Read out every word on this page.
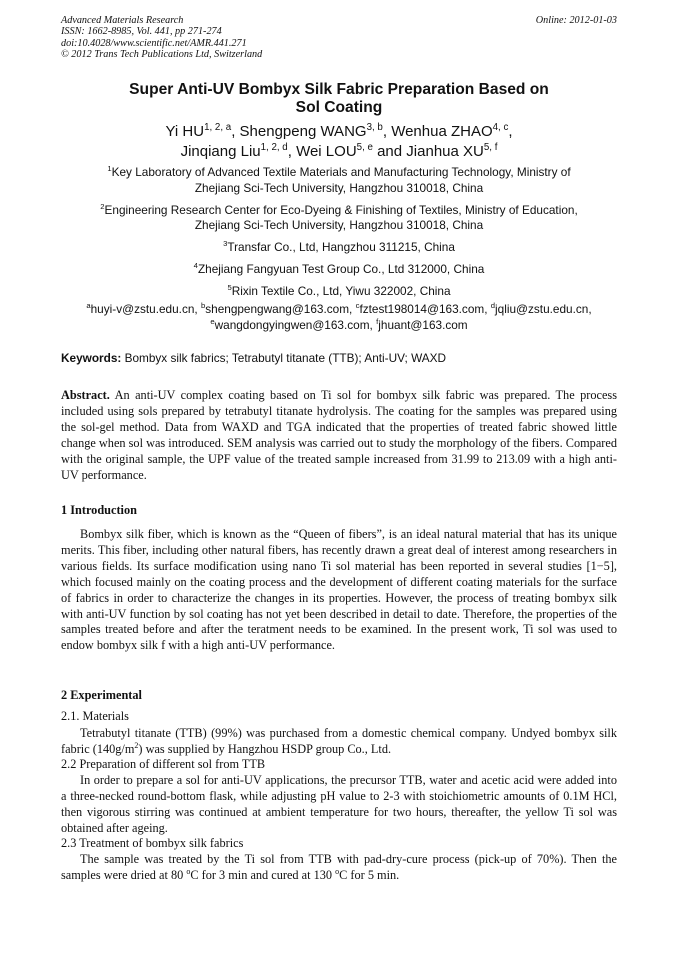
Advanced Materials Research
ISSN: 1662-8985, Vol. 441, pp 271-274
doi:10.4028/www.scientific.net/AMR.441.271
© 2012 Trans Tech Publications Ltd, Switzerland
Online: 2012-01-03
Super Anti-UV Bombyx Silk Fabric Preparation Based on
Sol Coating
Yi HU$^{1, 2, a}$, Shengpeng WANG$^{3, b}$, Wenhua ZHAO$^{4, c}$,
Jinqiang Liu$^{1, 2, d}$, Wei LOU$^{5, e}$ and Jianhua XU$^{5, f}$

$^1$Key Laboratory of Advanced Textile Materials and Manufacturing Technology, Ministry of
Zhejiang Sci-Tech University, Hangzhou 310018, China

$^2$Engineering Research Center for Eco-Dyeing & Finishing of Textiles, Ministry of Education,
Zhejiang Sci-Tech University, Hangzhou 310018, China

$^3$Transfar Co., Ltd, Hangzhou 311215, China

$^4$Zhejiang Fangyuan Test Group Co., Ltd 312000, China

$^5$Rixin Textile Co., Ltd, Yiwu 322002, China

$^a$huyi-v@zstu.edu.cn, $^b$shengpengwang@163.com, $^c$fztest198014@163.com, $^d$jqliu@zstu.edu.cn,
$^e$wangdongyingwen@163.com, $^f$jhuant@163.com
Keywords: Bombyx silk fabrics; Tetrabutyl titanate (TTB); Anti-UV; WAXD
Abstract. An anti-UV complex coating based on Ti sol for bombyx silk fabric was prepared. The process included using sols prepared by tetrabutyl titanate hydrolysis. The coating for the samples was prepared using the sol-gel method. Data from WAXD and TGA indicated that the properties of treated fabric showed little change when sol was introduced. SEM analysis was carried out to study the morphology of the fibers. Compared with the original sample, the UPF value of the treated sample increased from 31.99 to 213.09 with a high anti-UV performance.
1 Introduction
Bombyx silk fiber, which is known as the “Queen of fibers”, is an ideal natural material that has its unique merits. This fiber, including other natural fibers, has recently drawn a great deal of interest among researchers in various fields. Its surface modification using nano Ti sol material has been reported in several studies [1−5], which focused mainly on the coating process and the development of different coating materials for the surface of fabrics in order to characterize the changes in its properties. However, the process of treating bombyx silk with anti-UV function by sol coating has not yet been described in detail to date. Therefore, the properties of the samples treated before and after the teratment needs to be examined. In the present work, Ti sol was used to endow bombyx silk f with a high anti-UV performance.
2 Experimental
2.1. Materials
Tetrabutyl titanate (TTB) (99%) was purchased from a domestic chemical company. Undyed bombyx silk fabric $(140g/m^2)$ was supplied by Hangzhou HSDP group Co., Ltd.
2.2 Preparation of different sol from TTB
In order to prepare a sol for anti-UV applications, the precursor TTB, water and acetic acid were added into a three-necked round-bottom flask, while adjusting pH value to 2-3 with stoichiometric amounts of 0.1M HCl, then vigorous stirring was continued at ambient temperature for two hours, thereafter, the yellow Ti sol was obtained after ageing.
2.3 Treatment of bombyx silk fabrics
The sample was treated by the Ti sol from TTB with pad-dry-cure process (pick-up of 70%). Then the samples were dried at 80 $^o$C for 3 min and cured at 130 $^o$C for 5 min.
